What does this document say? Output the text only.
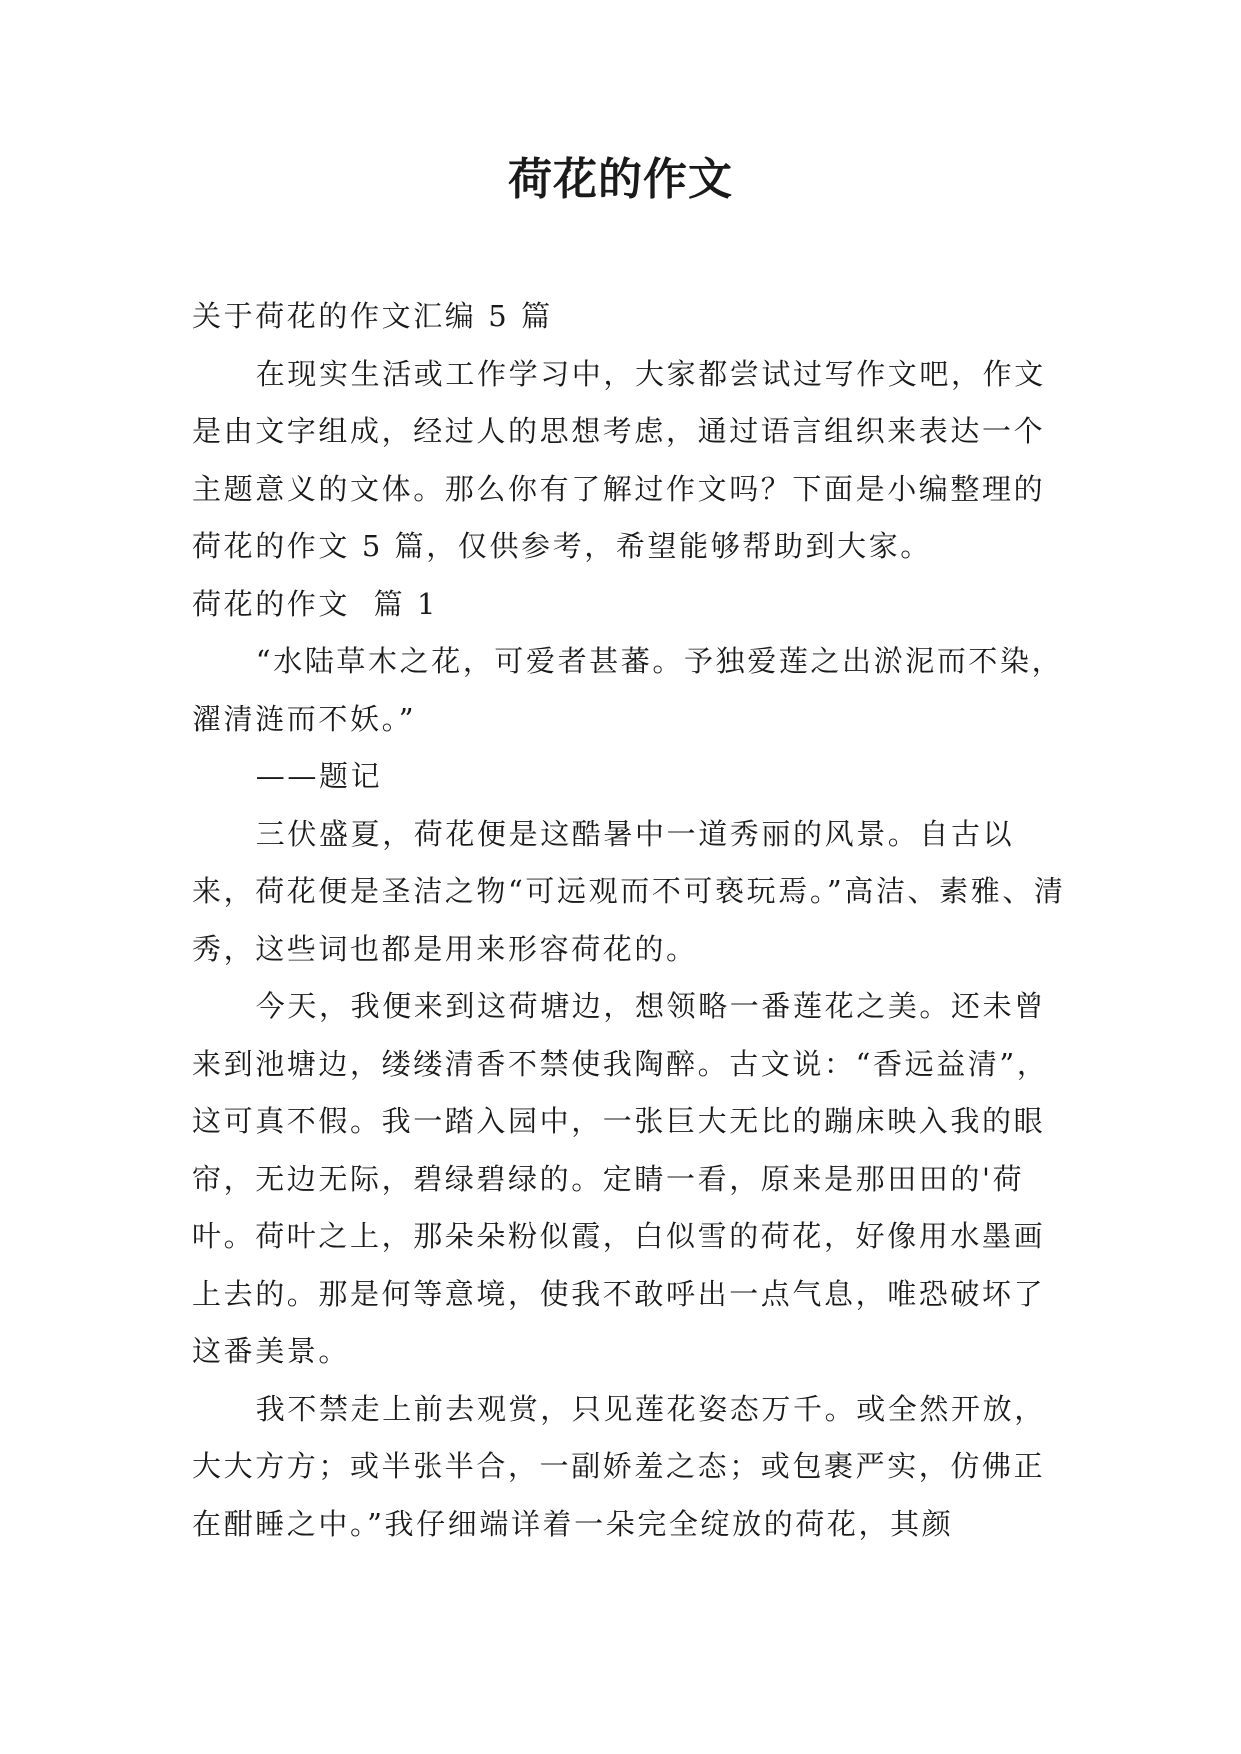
荷花的作文

关于荷花的作文汇编 5 篇

在现实生活或工作学习中，大家都尝试过写作文吧，作文是由文字组成，经过人的思想考虑，通过语言组织来表达一个主题意义的文体。那么你有了解过作文吗？下面是小编整理的荷花的作文 5 篇，仅供参考，希望能够帮助到大家。

荷花的作文  篇 1

“水陆草木之花，可爱者甚蕃。予独爱莲之出淤泥而不染，濯清涟而不妖。”

——题记

三伏盛夏，荷花便是这酷暑中一道秀丽的风景。自古以来，荷花便是圣洁之物“可远观而不可亵玩焉。”高洁、素雅、清秀，这些词也都是用来形容荷花的。

今天，我便来到这荷塘边，想领略一番莲花之美。还未曾来到池塘边，缕缕清香不禁使我陶醉。古文说：“香远益清”，这可真不假。我一踏入园中，一张巨大无比的蹦床映入我的眼帘，无边无际，碧绿碧绿的。定睛一看，原来是那田田的'荷叶。荷叶之上，那朵朵粉似霞，白似雪的荷花，好像用水墨画上去的。那是何等意境，使我不敢呼出一点气息，唯恐破坏了这番美景。

我不禁走上前去观赏，只见莲花姿态万千。或全然开放，大大方方；或半张半合，一副娇羞之态；或包裹严实，仿佛正在酣睡之中。”我仔细端详着一朵完全绽放的荷花，其颜
